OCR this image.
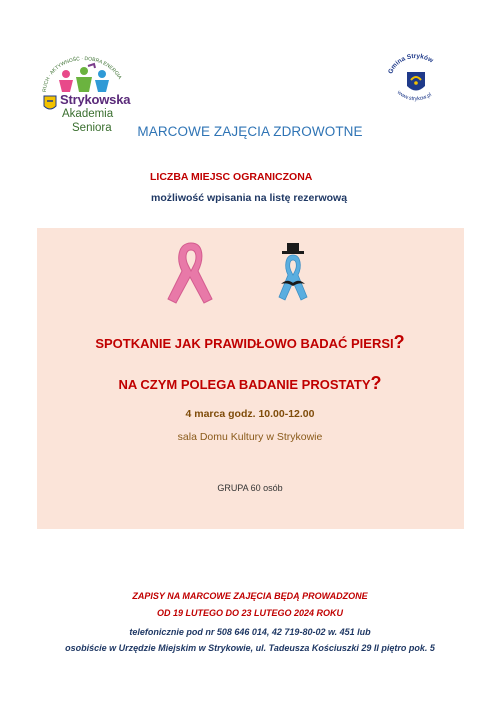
RUCH · AKTYWNOŚĆ · DOBRA ENERGIA
Strykowska
Akademia
Seniora
Gmina Stryków
www.strykow.pl
MARCOWE ZAJĘCIA ZDROWOTNE
LICZBA MIEJSC OGRANICZONA
możliwość wpisania na listę rezerwową
SPOTKANIE JAK PRAWIDŁOWO BADAĆ PIERSI?
NA CZYM POLEGA BADANIE PROSTATY?
4 marca godz. 10.00-12.00
sala Domu Kultury w Strykowie
GRUPA 60 osób
ZAPISY NA MARCOWE ZAJĘCIA BĘDĄ PROWADZONE
OD 19 LUTEGO DO 23 LUTEGO 2024 ROKU
telefonicznie pod nr 508 646 014, 42 719-80-02 w. 451 lub
osobiście w Urzędzie Miejskim w Strykowie, ul. Tadeusza Kościuszki 29 II piętro pok. 5
